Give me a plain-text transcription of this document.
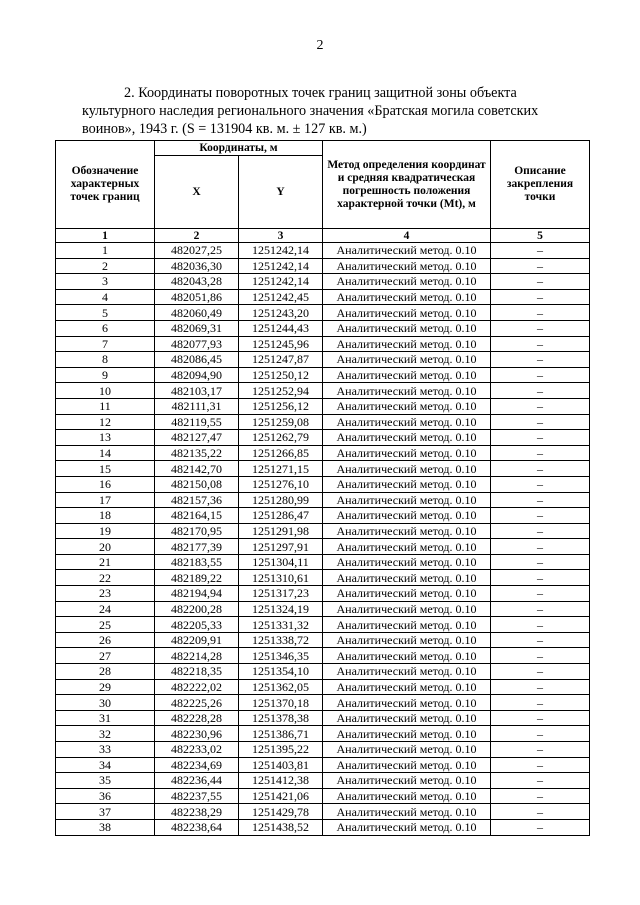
2
2. Координаты поворотных точек границ защитной зоны объекта
культурного наследия регионального значения «Братская могила советских
воинов», 1943 г. (S = 131904 кв. м. ± 127 кв. м.)
Обозначение характерных точек границ	Координаты, м		Метод определения координат и средняя квадратическая погрешность положения характерной точки (Mt), м	Описание закрепления точки
	X	Y		
1	2	3	4	5
1	482027,25	1251242,14	Аналитический метод. 0.10	–
2	482036,30	1251242,14	Аналитический метод. 0.10	–
3	482043,28	1251242,14	Аналитический метод. 0.10	–
4	482051,86	1251242,45	Аналитический метод. 0.10	–
5	482060,49	1251243,20	Аналитический метод. 0.10	–
6	482069,31	1251244,43	Аналитический метод. 0.10	–
7	482077,93	1251245,96	Аналитический метод. 0.10	–
8	482086,45	1251247,87	Аналитический метод. 0.10	–
9	482094,90	1251250,12	Аналитический метод. 0.10	–
10	482103,17	1251252,94	Аналитический метод. 0.10	–
11	482111,31	1251256,12	Аналитический метод. 0.10	–
12	482119,55	1251259,08	Аналитический метод. 0.10	–
13	482127,47	1251262,79	Аналитический метод. 0.10	–
14	482135,22	1251266,85	Аналитический метод. 0.10	–
15	482142,70	1251271,15	Аналитический метод. 0.10	–
16	482150,08	1251276,10	Аналитический метод. 0.10	–
17	482157,36	1251280,99	Аналитический метод. 0.10	–
18	482164,15	1251286,47	Аналитический метод. 0.10	–
19	482170,95	1251291,98	Аналитический метод. 0.10	–
20	482177,39	1251297,91	Аналитический метод. 0.10	–
21	482183,55	1251304,11	Аналитический метод. 0.10	–
22	482189,22	1251310,61	Аналитический метод. 0.10	–
23	482194,94	1251317,23	Аналитический метод. 0.10	–
24	482200,28	1251324,19	Аналитический метод. 0.10	–
25	482205,33	1251331,32	Аналитический метод. 0.10	–
26	482209,91	1251338,72	Аналитический метод. 0.10	–
27	482214,28	1251346,35	Аналитический метод. 0.10	–
28	482218,35	1251354,10	Аналитический метод. 0.10	–
29	482222,02	1251362,05	Аналитический метод. 0.10	–
30	482225,26	1251370,18	Аналитический метод. 0.10	–
31	482228,28	1251378,38	Аналитический метод. 0.10	–
32	482230,96	1251386,71	Аналитический метод. 0.10	–
33	482233,02	1251395,22	Аналитический метод. 0.10	–
34	482234,69	1251403,81	Аналитический метод. 0.10	–
35	482236,44	1251412,38	Аналитический метод. 0.10	–
36	482237,55	1251421,06	Аналитический метод. 0.10	–
37	482238,29	1251429,78	Аналитический метод. 0.10	–
38	482238,64	1251438,52	Аналитический метод. 0.10	–
